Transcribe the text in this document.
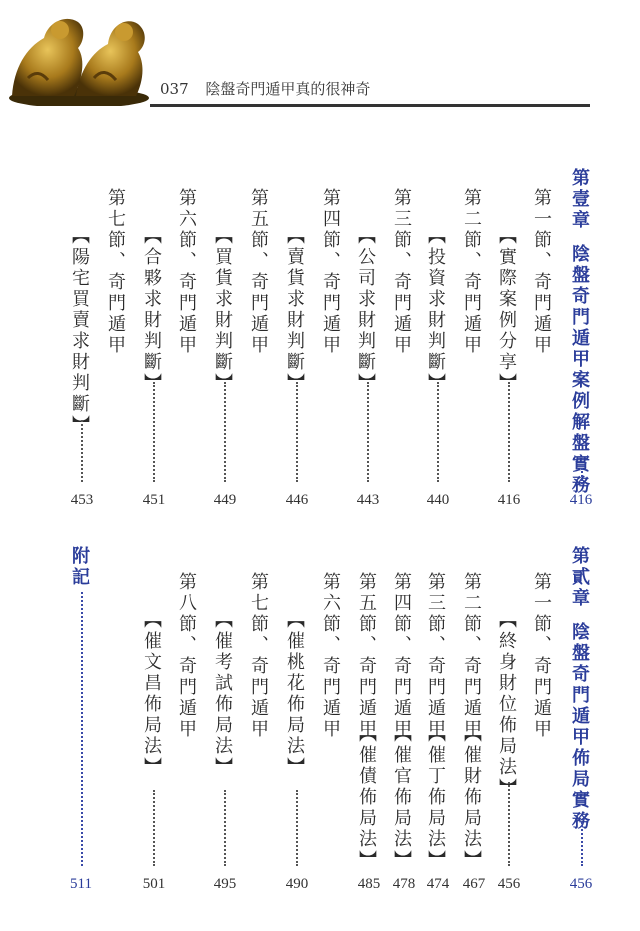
037 陰盤奇門遁甲真的很神奇
第壹章
陰盤奇門遁甲案例解盤實務
416
第一節、奇門遁甲
【實際案例分享】
416
第二節、奇門遁甲
【投資求財判斷】
440
第三節、奇門遁甲
【公司求財判斷】
443
第四節、奇門遁甲
【賣貨求財判斷】
446
第五節、奇門遁甲
【買貨求財判斷】
449
第六節、奇門遁甲
【合夥求財判斷】
451
第七節、奇門遁甲
【陽宅買賣求財判斷】
453
第貳章
陰盤奇門遁甲佈局實務
456
第一節、奇門遁甲
【終身財位佈局法】
456
第二節、奇門遁甲
【催財佈局法】
467
第三節、奇門遁甲
【催丁佈局法】
474
第四節、奇門遁甲
【催官佈局法】
478
第五節、奇門遁甲
【催債佈局法】
485
第六節、奇門遁甲
【催桃花佈局法】
490
第七節、奇門遁甲
【催考試佈局法】
495
第八節、奇門遁甲
【催文昌佈局法】
501
附記
511
